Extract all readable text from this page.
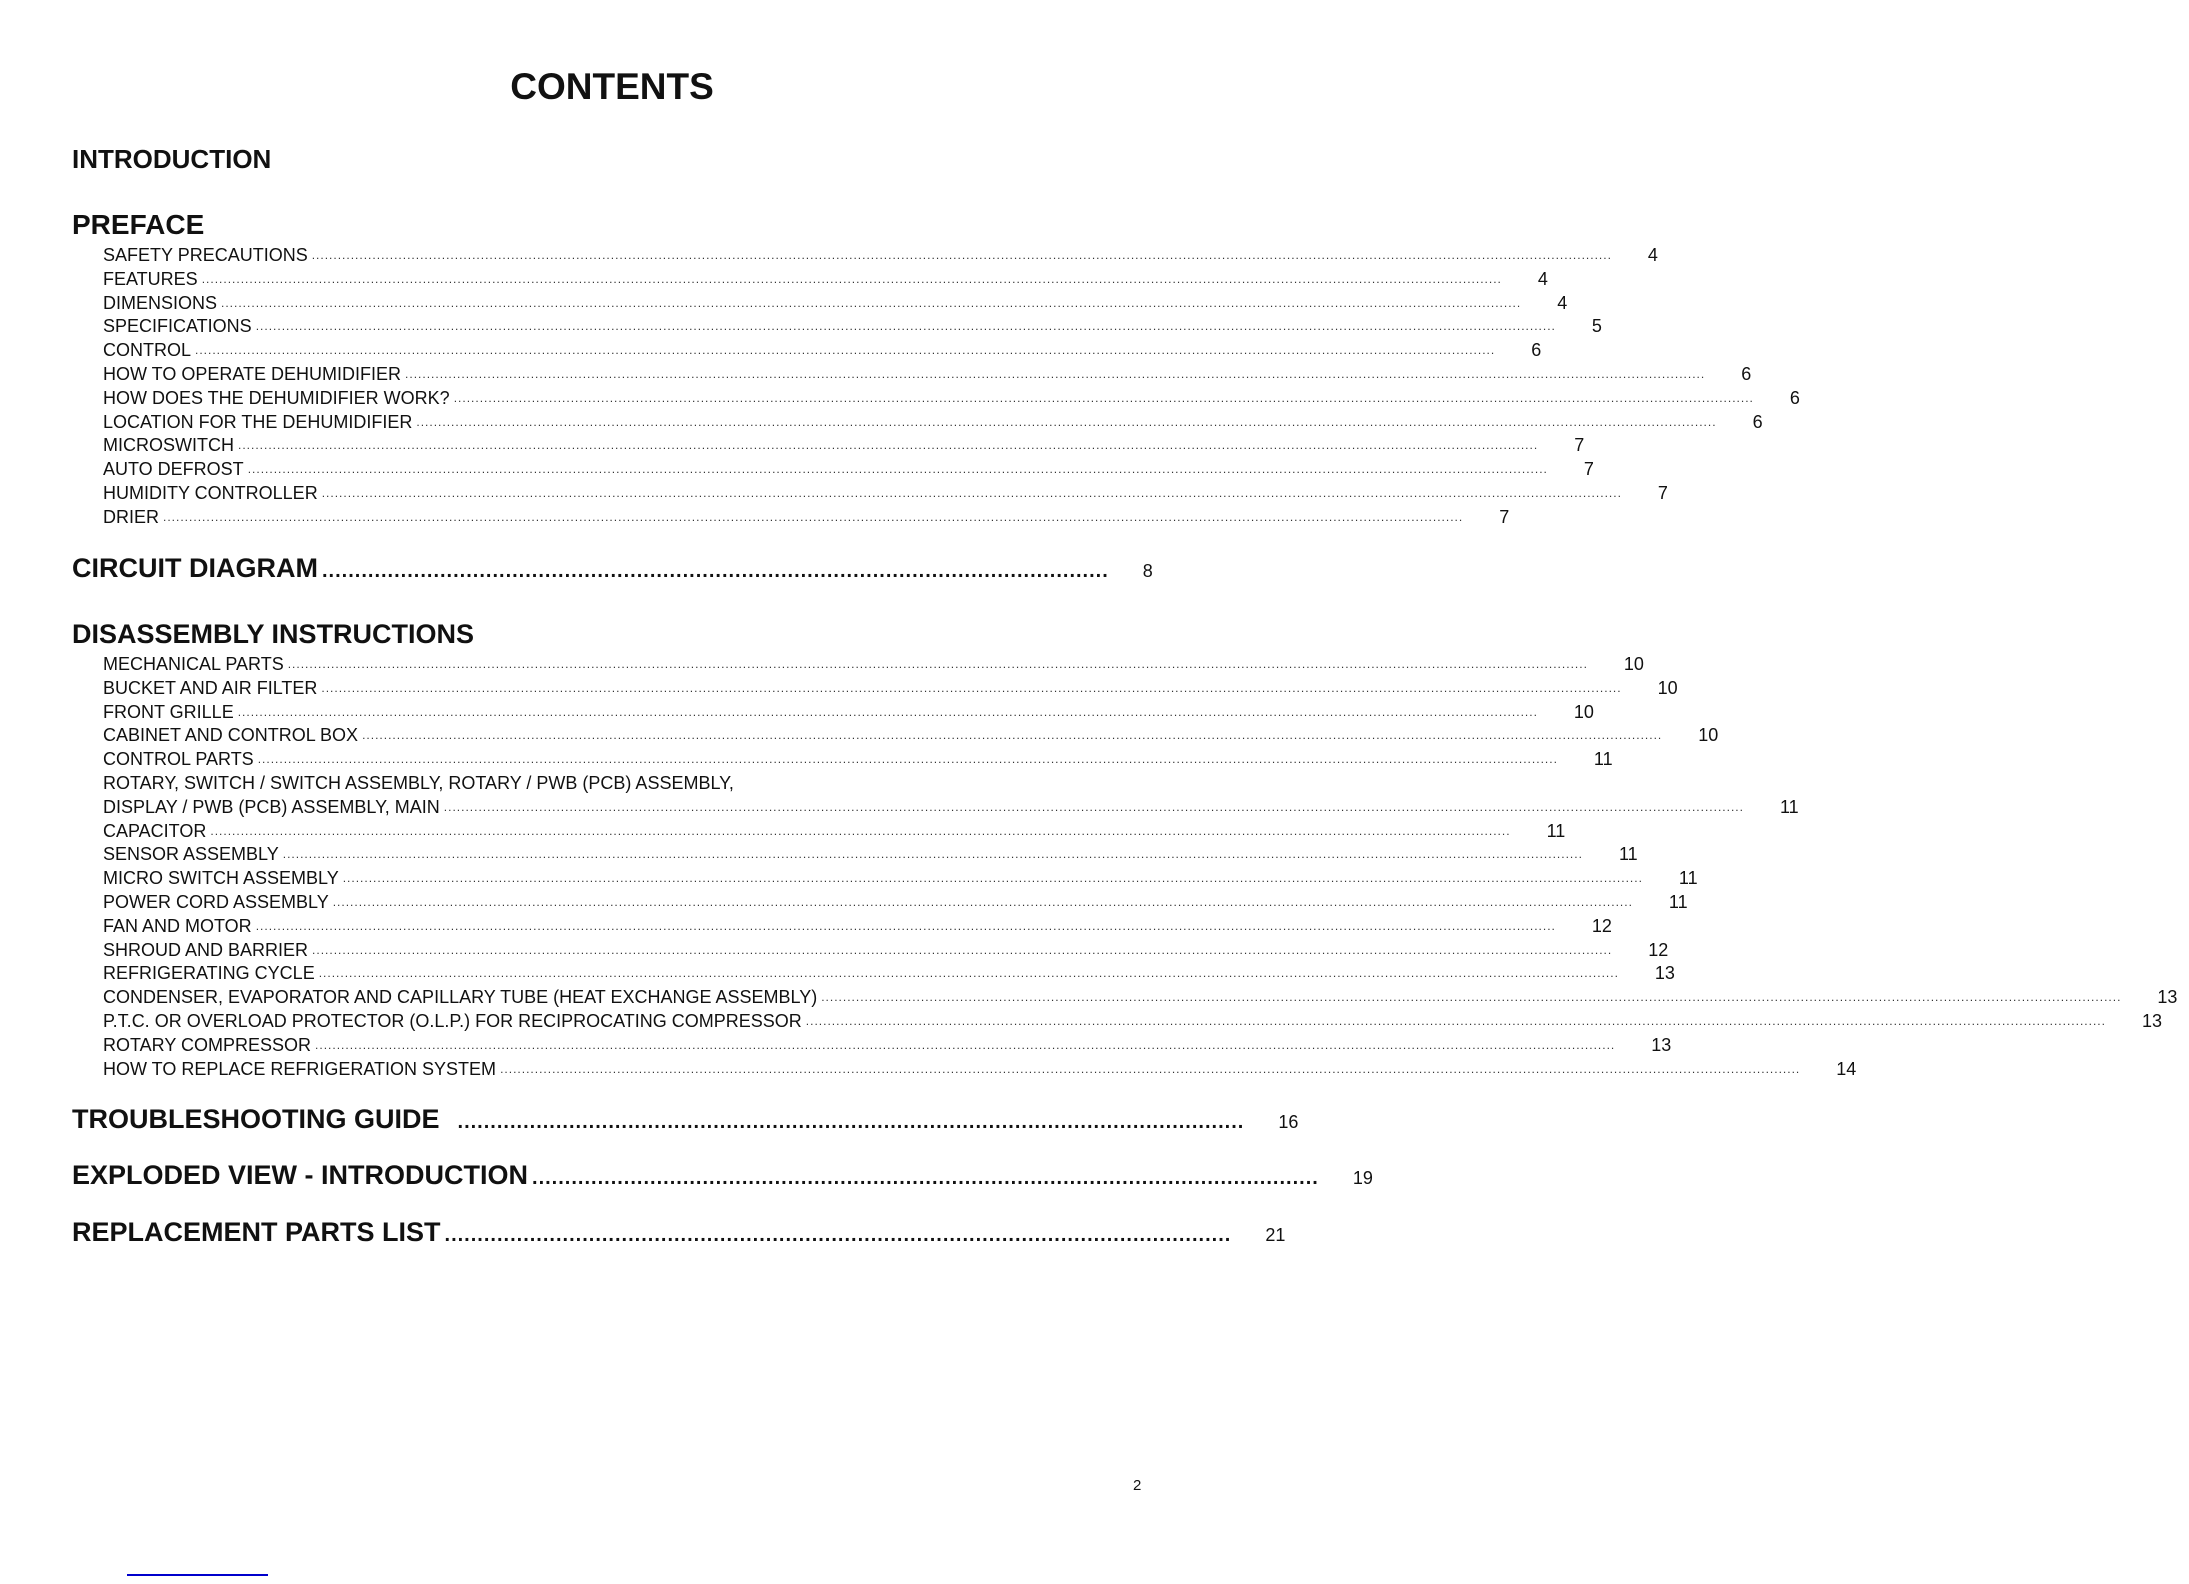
CONTENTS
INTRODUCTION
PREFACE
SAFETY PRECAUTIONS ............................................................................................................................................................................................................................................................................................................	4
FEATURES ............................................................................................................................................................................................................................................................................................................	4
DIMENSIONS ............................................................................................................................................................................................................................................................................................................	4
SPECIFICATIONS ............................................................................................................................................................................................................................................................................................................	5
CONTROL ............................................................................................................................................................................................................................................................................................................	6
HOW TO OPERATE DEHUMIDIFIER ............................................................................................................................................................................................................................................................................................................	6
HOW DOES THE DEHUMIDIFIER WORK? ............................................................................................................................................................................................................................................................................................................	6
LOCATION FOR THE DEHUMIDIFIER ............................................................................................................................................................................................................................................................................................................	6
MICROSWITCH ............................................................................................................................................................................................................................................................................................................	7
AUTO DEFROST ............................................................................................................................................................................................................................................................................................................	7
HUMIDITY CONTROLLER ............................................................................................................................................................................................................................................................................................................	7
DRIER ............................................................................................................................................................................................................................................................................................................	7
CIRCUIT DIAGRAM ........................................................................................................................	8
DISASSEMBLY INSTRUCTIONS
MECHANICAL PARTS ............................................................................................................................................................................................................................................................................................................	10
BUCKET AND AIR FILTER ............................................................................................................................................................................................................................................................................................................	10
FRONT GRILLE ............................................................................................................................................................................................................................................................................................................	10
CABINET AND CONTROL BOX ............................................................................................................................................................................................................................................................................................................	10
CONTROL PARTS ............................................................................................................................................................................................................................................................................................................	11
ROTARY, SWITCH / SWITCH ASSEMBLY, ROTARY / PWB (PCB) ASSEMBLY,
DISPLAY / PWB (PCB) ASSEMBLY, MAIN ............................................................................................................................................................................................................................................................................................................	11
CAPACITOR ............................................................................................................................................................................................................................................................................................................	11
SENSOR ASSEMBLY ............................................................................................................................................................................................................................................................................................................	11
MICRO SWITCH ASSEMBLY ............................................................................................................................................................................................................................................................................................................	11
POWER CORD ASSEMBLY ............................................................................................................................................................................................................................................................................................................	11
FAN AND MOTOR ............................................................................................................................................................................................................................................................................................................	12
SHROUD AND BARRIER ............................................................................................................................................................................................................................................................................................................	12
REFRIGERATING CYCLE ............................................................................................................................................................................................................................................................................................................	13
CONDENSER, EVAPORATOR AND CAPILLARY TUBE (HEAT EXCHANGE ASSEMBLY) ............................................................................................................................................................................................................................................................................................................	13
P.T.C. OR OVERLOAD PROTECTOR (O.L.P.) FOR RECIPROCATING COMPRESSOR ............................................................................................................................................................................................................................................................................................................	13
ROTARY COMPRESSOR ............................................................................................................................................................................................................................................................................................................	13
HOW TO REPLACE REFRIGERATION SYSTEM ............................................................................................................................................................................................................................................................................................................	14
TROUBLESHOOTING GUIDE ........................................................................................................................	16
EXPLODED VIEW - INTRODUCTION ........................................................................................................................	19
REPLACEMENT PARTS LIST ........................................................................................................................	21
2
